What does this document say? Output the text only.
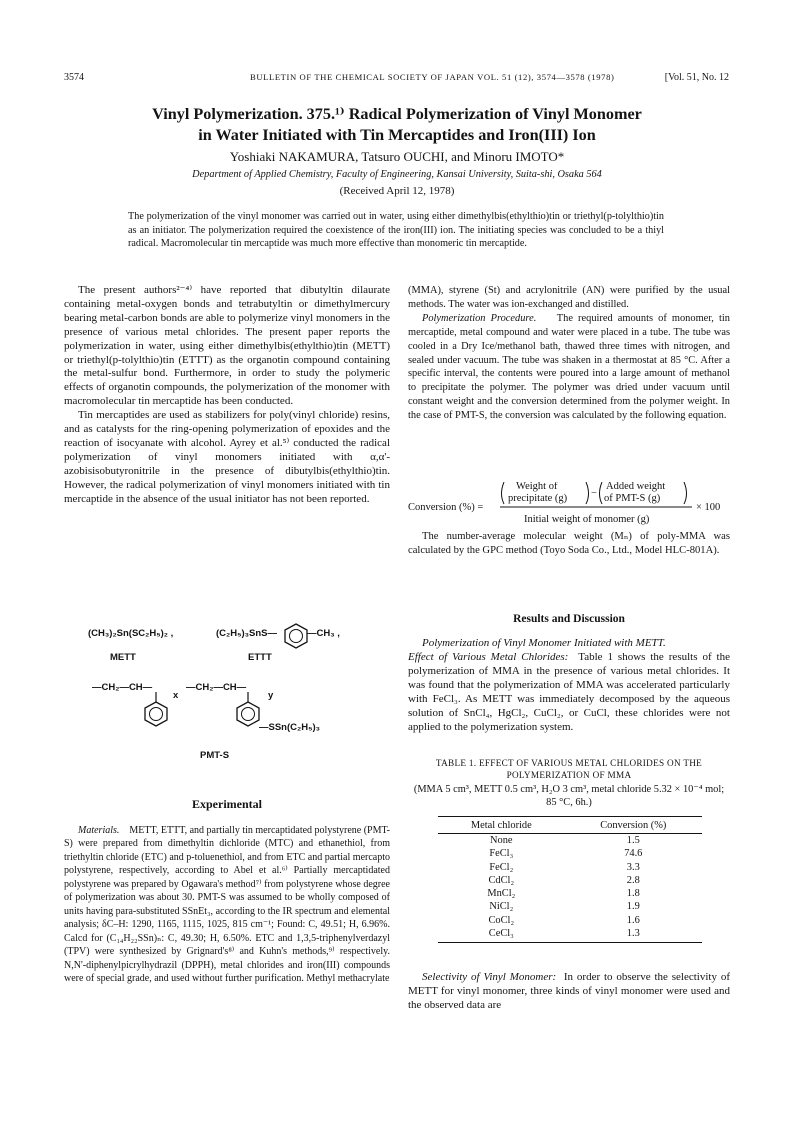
3574	BULLETIN OF THE CHEMICAL SOCIETY OF JAPAN VOL. 51 (12), 3574—3578 (1978)	[Vol. 51, No. 12
Vinyl Polymerization. 375.¹⁾ Radical Polymerization of Vinyl Monomer
in Water Initiated with Tin Mercaptides and Iron(III) Ion
Yoshiaki NAKAMURA, Tatsuro OUCHI, and Minoru IMOTO*
Department of Applied Chemistry, Faculty of Engineering, Kansai University, Suita-shi, Osaka 564
(Received April 12, 1978)
The polymerization of the vinyl monomer was carried out in water, using either dimethylbis(ethylthio)tin or triethyl(p-tolylthio)tin as an initiator. The polymerization required the coexistence of the iron(III) ion. The initiating species was concluded to be a thiyl radical. Macromolecular tin mercaptide was much more effective than monomeric tin mercaptide.

The present authors²⁻⁴⁾ have reported that dibutyltin dilaurate containing metal-oxygen bonds and tetrabutyltin or dimethylmercury bearing metal-carbon bonds are able to polymerize vinyl monomers in the presence of various metal chlorides. The present paper reports the polymerization in water, using either dimethylbis(ethylthio)tin (METT) or triethyl(p-tolylthio)tin (ETTT) as the organotin compound containing the metal-sulfur bond. Furthermore, in order to study the polymeric effects of organotin compounds, the polymerization of the monomer with macromolecular tin mercaptide has been conducted.

Tin mercaptides are used as stabilizers for poly(vinyl chloride) resins, and as catalysts for the ring-opening polymerization of epoxides and the reaction of isocyanate with alcohol. Ayrey et al.⁵⁾ conducted the radical polymerization of vinyl monomers initiated with α,α'-azobisisobutyronitrile in the presence of dibutylbis(ethylthio)tin. However, the radical polymerization of vinyl monomers initiated with tin mercaptide in the absence of the usual initiator has not been reported.

(CH₃)₂Sn(SC₂H₅)₂ ,	(C₂H₅)₃SnS—	—CH₃ ,
METT	ETTT
—CH₂—CH—
x
—CH₂—CH—
y
—SSn(C₂H₅)₃
PMT-S
Experimental

Materials. METT, ETTT, and partially tin mercaptidated polystyrene (PMT-S) were prepared from dimethyltin dichloride (MTC) and ethanethiol, from triethyltin chloride (ETC) and p-toluenethiol, and from ETC and partial mercapto polystyrene, respectively, according to Abel et al.⁶⁾ Partially mercaptidated polystyrene was prepared by Ogawara's method⁷⁾ from polystyrene whose degree of polymerization was about 30. PMT-S was assumed to be wholly composed of units having para-substituted SSnEt₃, according to the IR spectrum and elemental analysis; δC–H: 1290, 1165, 1115, 1025, 815 cm⁻¹; Found: C, 49.51; H, 6.96%. Calcd for (C₁₄H₂₂SSn)ₙ: C, 49.30; H, 6.50%. ETC and 1,3,5-triphenylverdazyl (TPV) were synthesized by Grignard's⁸⁾ and Kuhn's methods,⁹⁾ respectively. N,N'-diphenylpicrylhydrazil (DPPH), metal chlorides and iron(III) compounds were of special grade, and used without further purification. Methyl methacrylate

(MMA), styrene (St) and acrylonitrile (AN) were purified by the usual methods. The water was ion-exchanged and distilled.

Polymerization Procedure. The required amounts of monomer, tin mercaptide, metal compound and water were placed in a tube. The tube was cooled in a Dry Ice/methanol bath, thawed three times with nitrogen, and sealed under vacuum. The tube was shaken in a thermostat at 85 °C. After a specific interval, the contents were poured into a large amount of methanol to precipitate the polymer. The polymer was dried under vacuum until constant weight and the conversion determined from the polymer weight. In the case of PMT-S, the conversion was calculated by the following equation.

Conversion (%) =
Weight of
precipitate (g) −
Added weight
of PMT-S (g)
Initial weight of monomer (g)
× 100

The number-average molecular weight (Mₙ) of poly-MMA was calculated by the GPC method (Toyo Soda Co., Ltd., Model HLC-801A).

Results and Discussion

Polymerization of Vinyl Monomer Initiated with METT.

Effect of Various Metal Chlorides: Table 1 shows the results of the polymerization of MMA in the presence of various metal chlorides. It was found that the polymerization of MMA was accelerated particularly with FeCl₃. As METT was immediately decomposed by the aqueous solution of SnCl₄, HgCl₂, CuCl₂, or CuCl, these chlorides were not applied to the polymerization system.

TABLE 1. EFFECT OF VARIOUS METAL CHLORIDES ON THE
POLYMERIZATION OF MMA
(MMA 5 cm³, METT 0.5 cm³, H₂O 3 cm³, metal chloride 5.32 × 10⁻⁴ mol; 85 °C, 6h.)
Metal chloride	Conversion (%)
None	1.5
FeCl₃	74.6
FeCl₂	3.3
CdCl₂	2.8
MnCl₂	1.8
NiCl₂	1.9
CoCl₂	1.6
CeCl₃	1.3

Selectivity of Vinyl Monomer: In order to observe the selectivity of METT for vinyl monomer, three kinds of vinyl monomer were used and the observed data are
